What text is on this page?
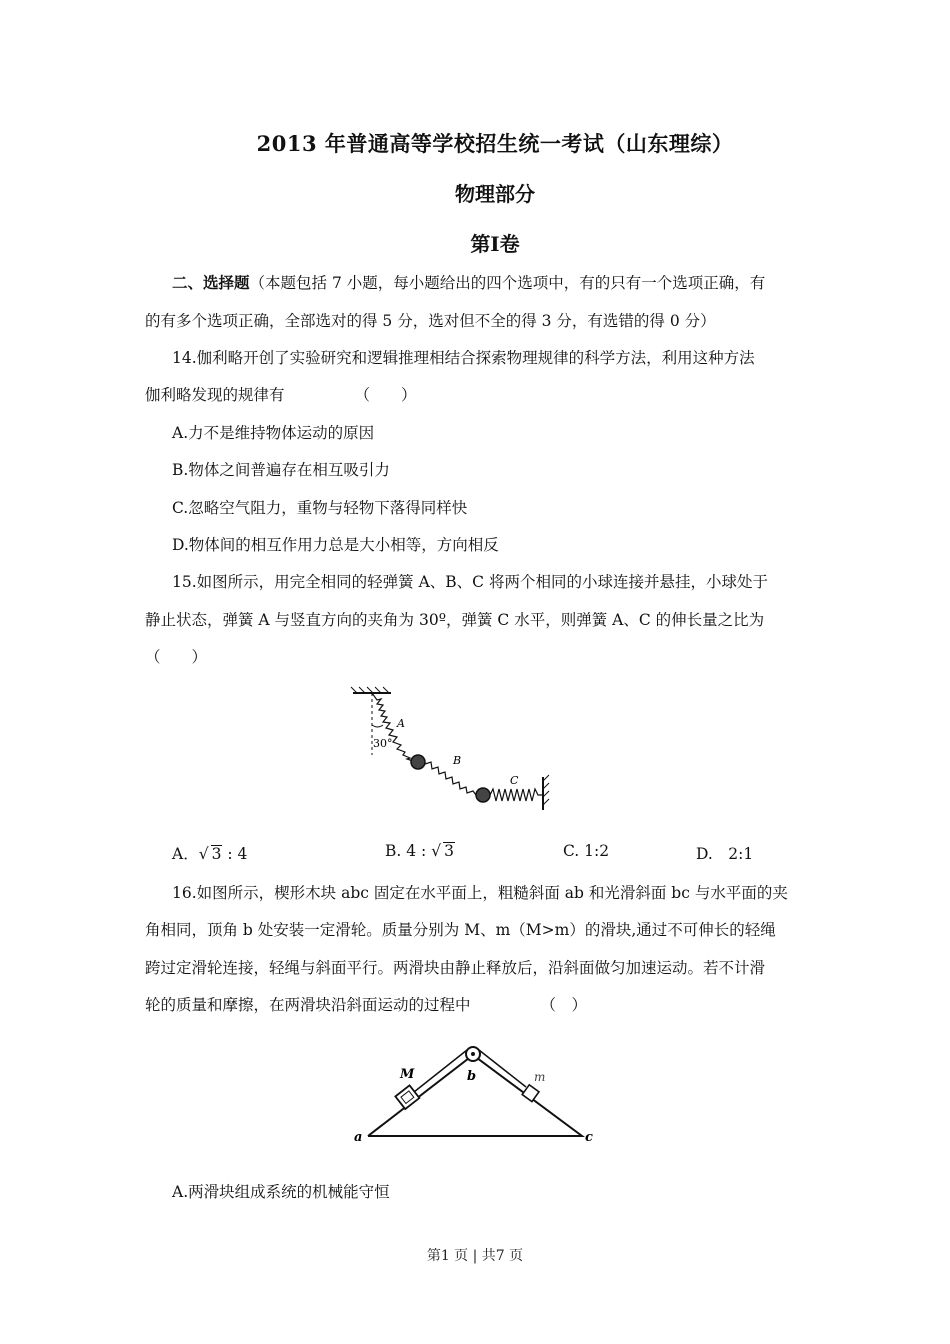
2013 年普通高等学校招生统一考试（山东理综）
物理部分
第I卷
二、选择题（本题包括 7 小题，每小题给出的四个选项中，有的只有一个选项正确，有
的有多个选项正确，全部选对的得 5 分，选对但不全的得 3 分，有选错的得 0 分）
14.伽利略开创了实验研究和逻辑推理相结合探索物理规律的科学方法，利用这种方法
伽利略发现的规律有	（　　）
A.力不是维持物体运动的原因
B.物体之间普遍存在相互吸引力
C.忽略空气阻力，重物与轻物下落得同样快
D.物体间的相互作用力总是大小相等，方向相反
15.如图所示，用完全相同的轻弹簧 A、B、C 将两个相同的小球连接并悬挂，小球处于
静止状态，弹簧 A 与竖直方向的夹角为 30º，弹簧 C 水平，则弹簧 A、C 的伸长量之比为
（　　）
30°
A
B
C
A．√ 3 : 4	B. 4 : √ 3	C. 1:2	D.　2:1
16.如图所示，楔形木块 abc 固定在水平面上，粗糙斜面 ab 和光滑斜面 bc 与水平面的夹
角相同，顶角 b 处安装一定滑轮。质量分别为 M、m（M>m）的滑块,通过不可伸长的轻绳
跨过定滑轮连接，轻绳与斜面平行。两滑块由静止释放后，沿斜面做匀加速运动。若不计滑
轮的质量和摩擦，在两滑块沿斜面运动的过程中	（　）
M	m
b
a	c
A.两滑块组成系统的机械能守恒
第1 页 | 共7 页
